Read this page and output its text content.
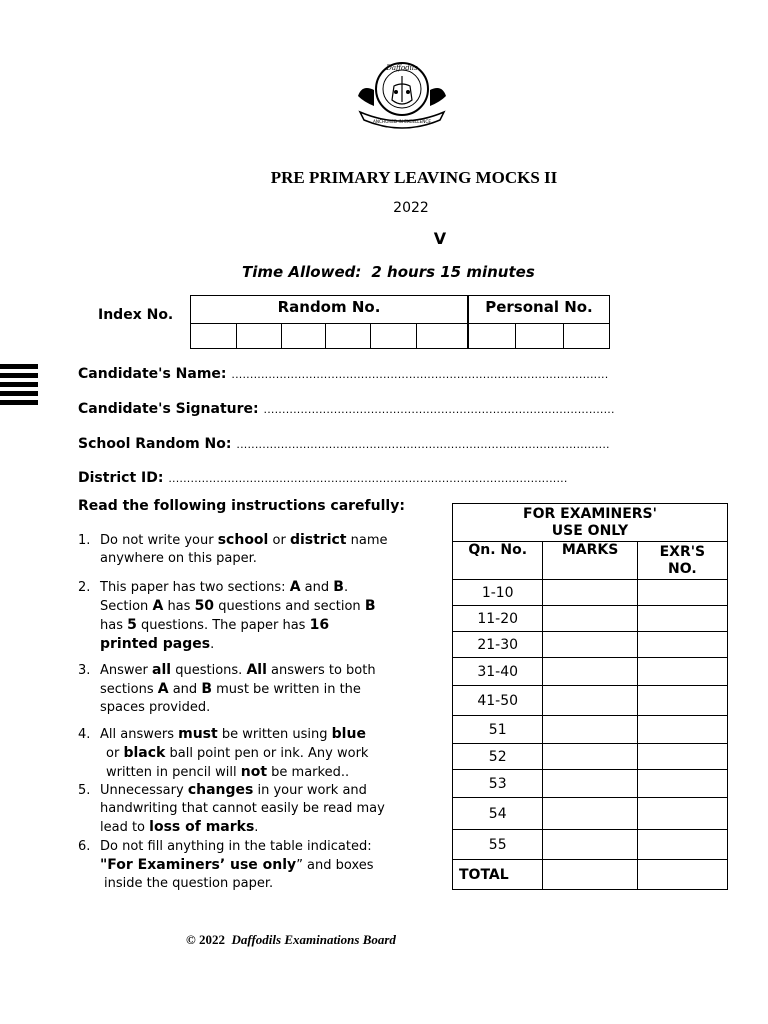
Daffodils
ANCHORED IN EXCELLENCE
PRE PRIMARY LEAVING MOCKS II
2022
V
Time Allowed: 2 hours 15 minutes
Index No.	Random No.	Personal No.
Candidate's Name: ......................................................................................................
Candidate's Signature: ...............................................................................................
School Random No: .....................................................................................................
District ID: ............................................................................................................
Read the following instructions carefully:
1. Do not write your school or district name
anywhere on this paper.
2. This paper has two sections: A and B.
Section A has 50 questions and section B
has 5 questions. The paper has 16
printed pages.
3. Answer all questions. All answers to both
sections A and B must be written in the
spaces provided.
4. All answers must be written using blue
or black ball point pen or ink. Any work
written in pencil will not be marked..
5. Unnecessary changes in your work and
handwriting that cannot easily be read may
lead to loss of marks.
6. Do not fill anything in the table indicated:
"For Examiners’ use only” and boxes
inside the question paper.
FOR EXAMINERS'
USE ONLY		
Qn. No.	MARKS	EXR'S
NO.
1-10		
11-20		
21-30		
31-40		
41-50		
51		
52		
53		
54		
55		
TOTAL		
© 2022 Daffodils Examinations Board
